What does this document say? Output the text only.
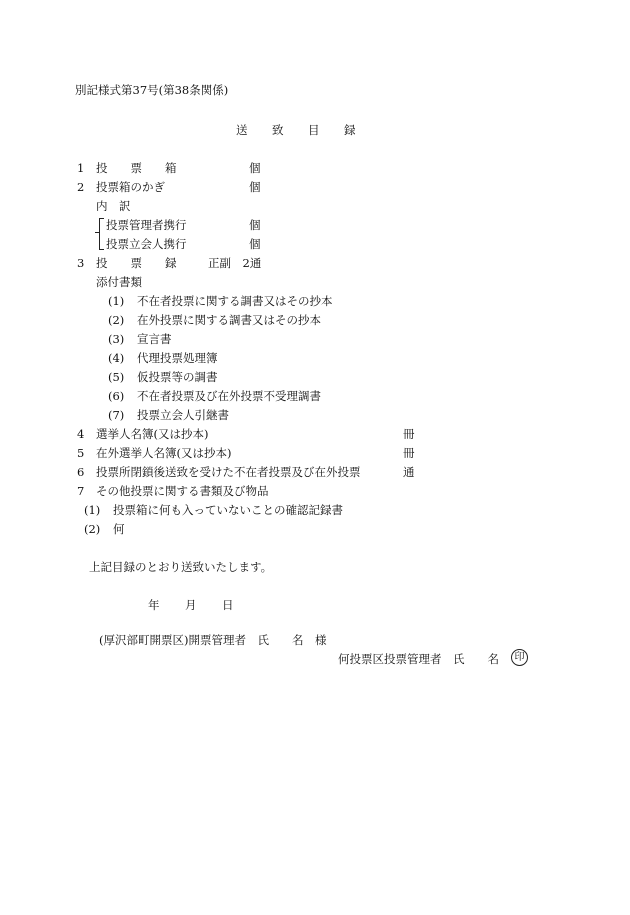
別記様式第37号(第38条関係)
送　　致　　目　　録
1 投　　票　　箱	個
2 投票箱のかぎ	個
内　訳
投票管理者携行	個
投票立会人携行	個
3 投　　票　　録	正副　2通
添付書類
(1) 不在者投票に関する調書又はその抄本
(2) 在外投票に関する調書又はその抄本
(3) 宣言書
(4) 代理投票処理簿
(5) 仮投票等の調書
(6) 不在者投票及び在外投票不受理調書
(7) 投票立会人引継書
4 選挙人名簿(又は抄本)	冊
5 在外選挙人名簿(又は抄本)	冊
6 投票所閉鎖後送致を受けた不在者投票及び在外投票	通
7 その他投票に関する書類及び物品
(1) 投票箱に何も入っていないことの確認記録書
(2) 何
上記目録のとおり送致いたします。
年 月 日
(厚沢部町開票区)開票管理者　氏　　名　様
何投票区投票管理者　氏　　名	印
